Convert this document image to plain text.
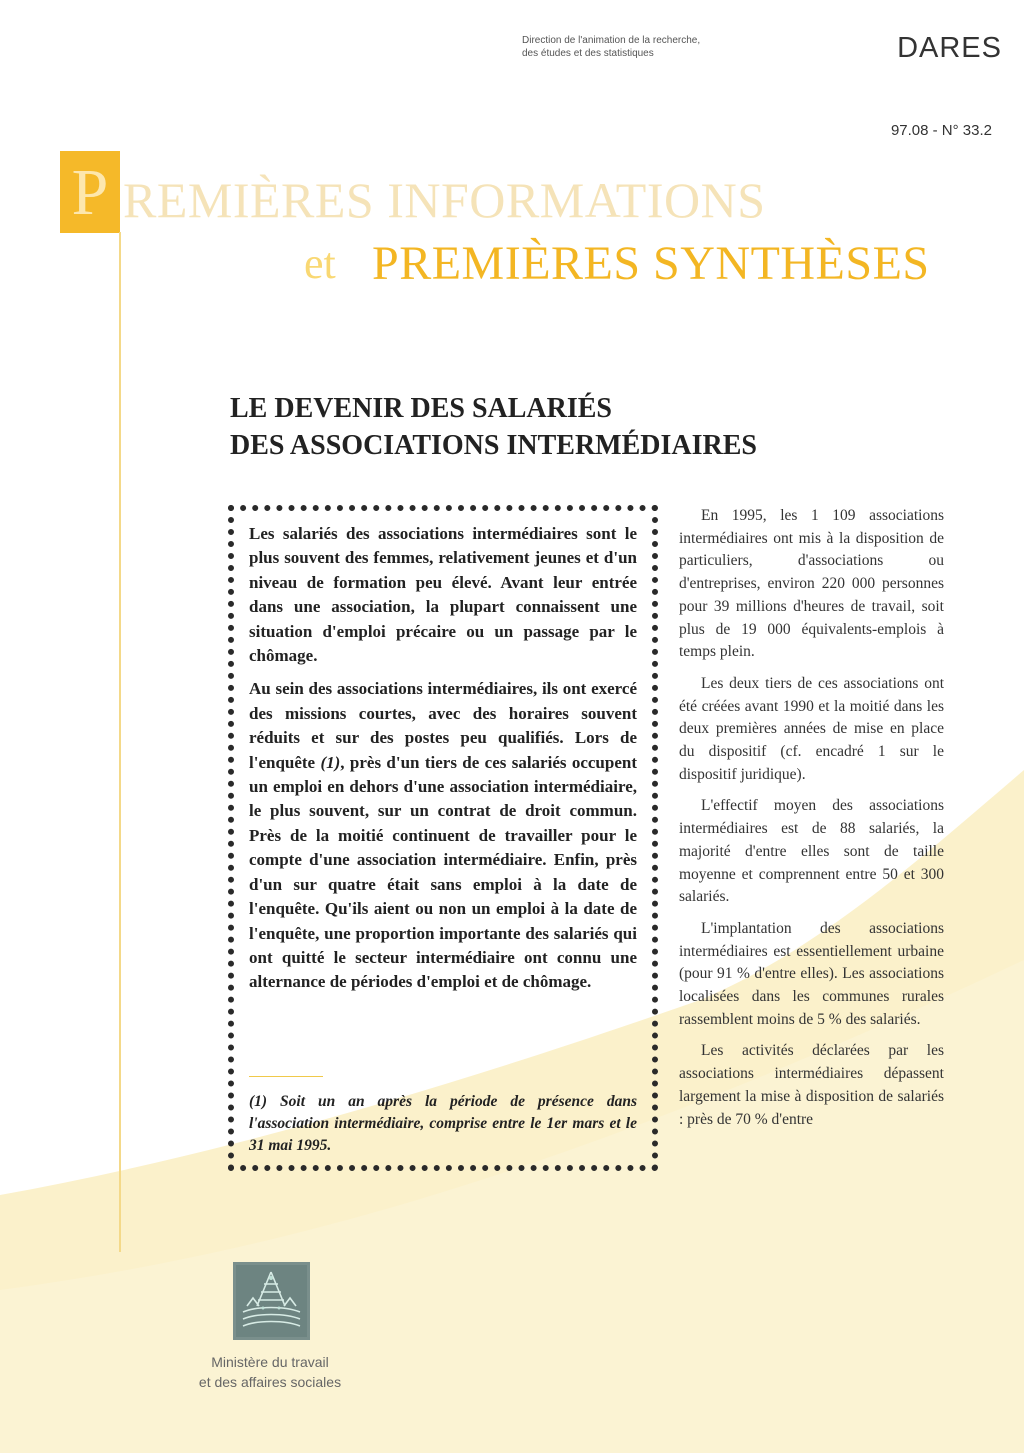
Direction de l'animation de la recherche,
des études et des statistiques	DARES
97.08 - N° 33.2
P REMIÈRES INFORMATIONS
et PREMIÈRES SYNTHÈSES
LE DEVENIR DES SALARIÉS
DES ASSOCIATIONS INTERMÉDIAIRES

Les salariés des associations intermédiaires sont le plus souvent des femmes, relativement jeunes et d'un niveau de formation peu élevé. Avant leur entrée dans une association, la plupart connaissent une situation d'emploi précaire ou un passage par le chômage.

Au sein des associations intermédiaires, ils ont exercé des missions courtes, avec des horaires souvent réduits et sur des postes peu qualifiés. Lors de l'enquête (1), près d'un tiers de ces salariés occupent un emploi en dehors d'une association intermédiaire, le plus souvent, sur un contrat de droit commun. Près de la moitié continuent de travailler pour le compte d'une association intermédiaire. Enfin, près d'un sur quatre était sans emploi à la date de l'enquête. Qu'ils aient ou non un emploi à la date de l'enquête, une proportion importante des salariés qui ont quitté le secteur intermédiaire ont connu une alternance de périodes d'emploi et de chômage.

(1) Soit un an après la période de présence dans l'association intermédiaire, comprise entre le 1er mars et le 31 mai 1995.

En 1995, les 1 109 associations intermédiaires ont mis à la disposition de particuliers, d'associations ou d'entreprises, environ 220 000 personnes pour 39 millions d'heures de travail, soit plus de 19 000 équivalents-emplois à temps plein.

Les deux tiers de ces associations ont été créées avant 1990 et la moitié dans les deux premières années de mise en place du dispositif (cf. encadré 1 sur le dispositif juridique).

L'effectif moyen des associations intermédiaires est de 88 salariés, la majorité d'entre elles sont de taille moyenne et comprennent entre 50 et 300 salariés.

L'implantation des associations intermédiaires est essentiellement urbaine (pour 91 % d'entre elles). Les associations localisées dans les communes rurales rassemblent moins de 5 % des salariés.

Les activités déclarées par les associations intermédiaires dépassent largement la mise à disposition de salariés : près de 70 % d'entre

Ministère du travail
et des affaires sociales
